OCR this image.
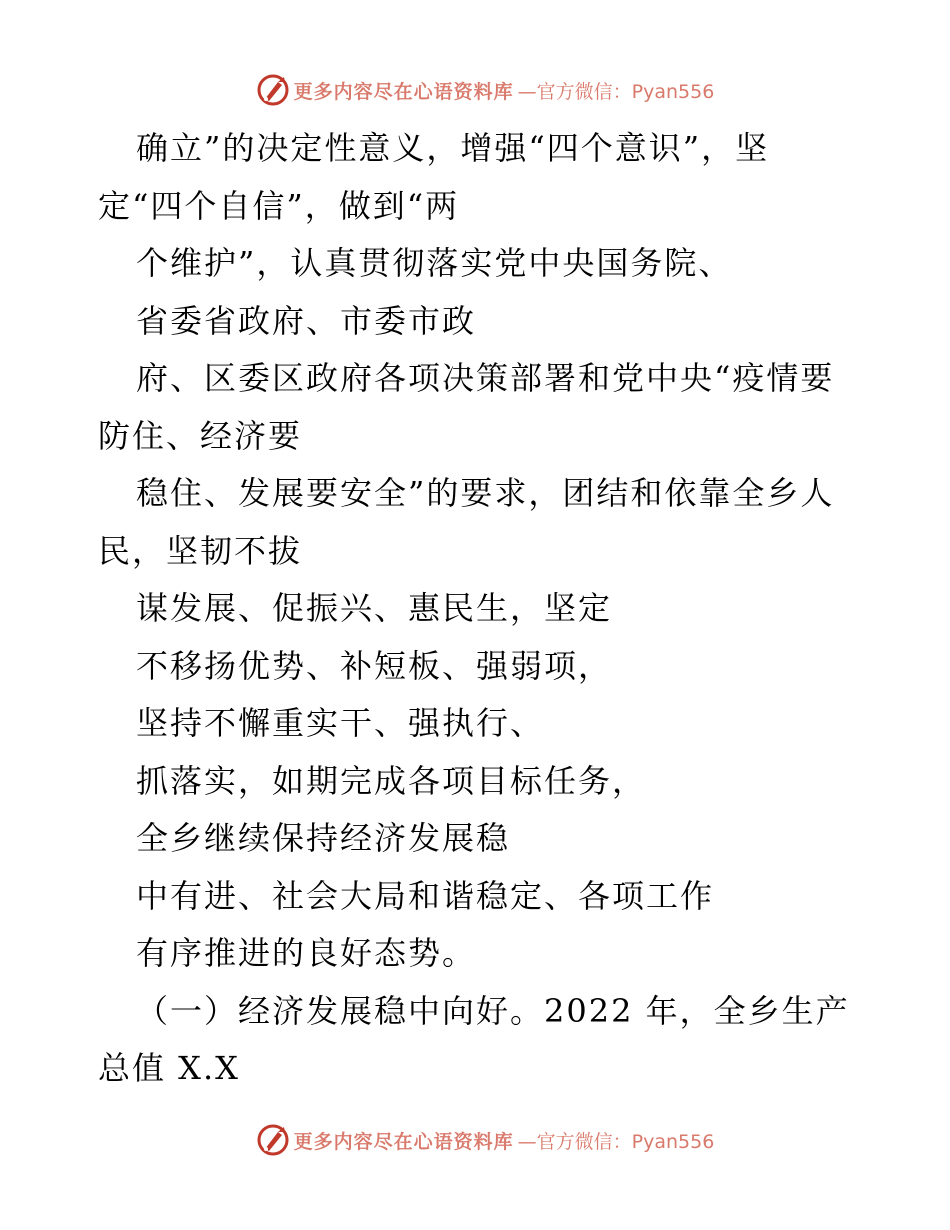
更多内容尽在心语资料库 —官方微信：Pyan556
确立”的决定性意义，增强“四个意识”，坚
定“四个自信”，做到“两
个维护”，认真贯彻落实党中央国务院、
省委省政府、市委市政
府、区委区政府各项决策部署和党中央“疫情要
防住、经济要
稳住、发展要安全”的要求，团结和依靠全乡人
民，坚韧不拔
谋发展、促振兴、惠民生，坚定
不移扬优势、补短板、强弱项，
坚持不懈重实干、强执行、
抓落实，如期完成各项目标任务，
全乡继续保持经济发展稳
中有进、社会大局和谐稳定、各项工作
有序推进的良好态势。
（一）经济发展稳中向好。2022 年，全乡生产
总值 X.X
更多内容尽在心语资料库 —官方微信：Pyan556
